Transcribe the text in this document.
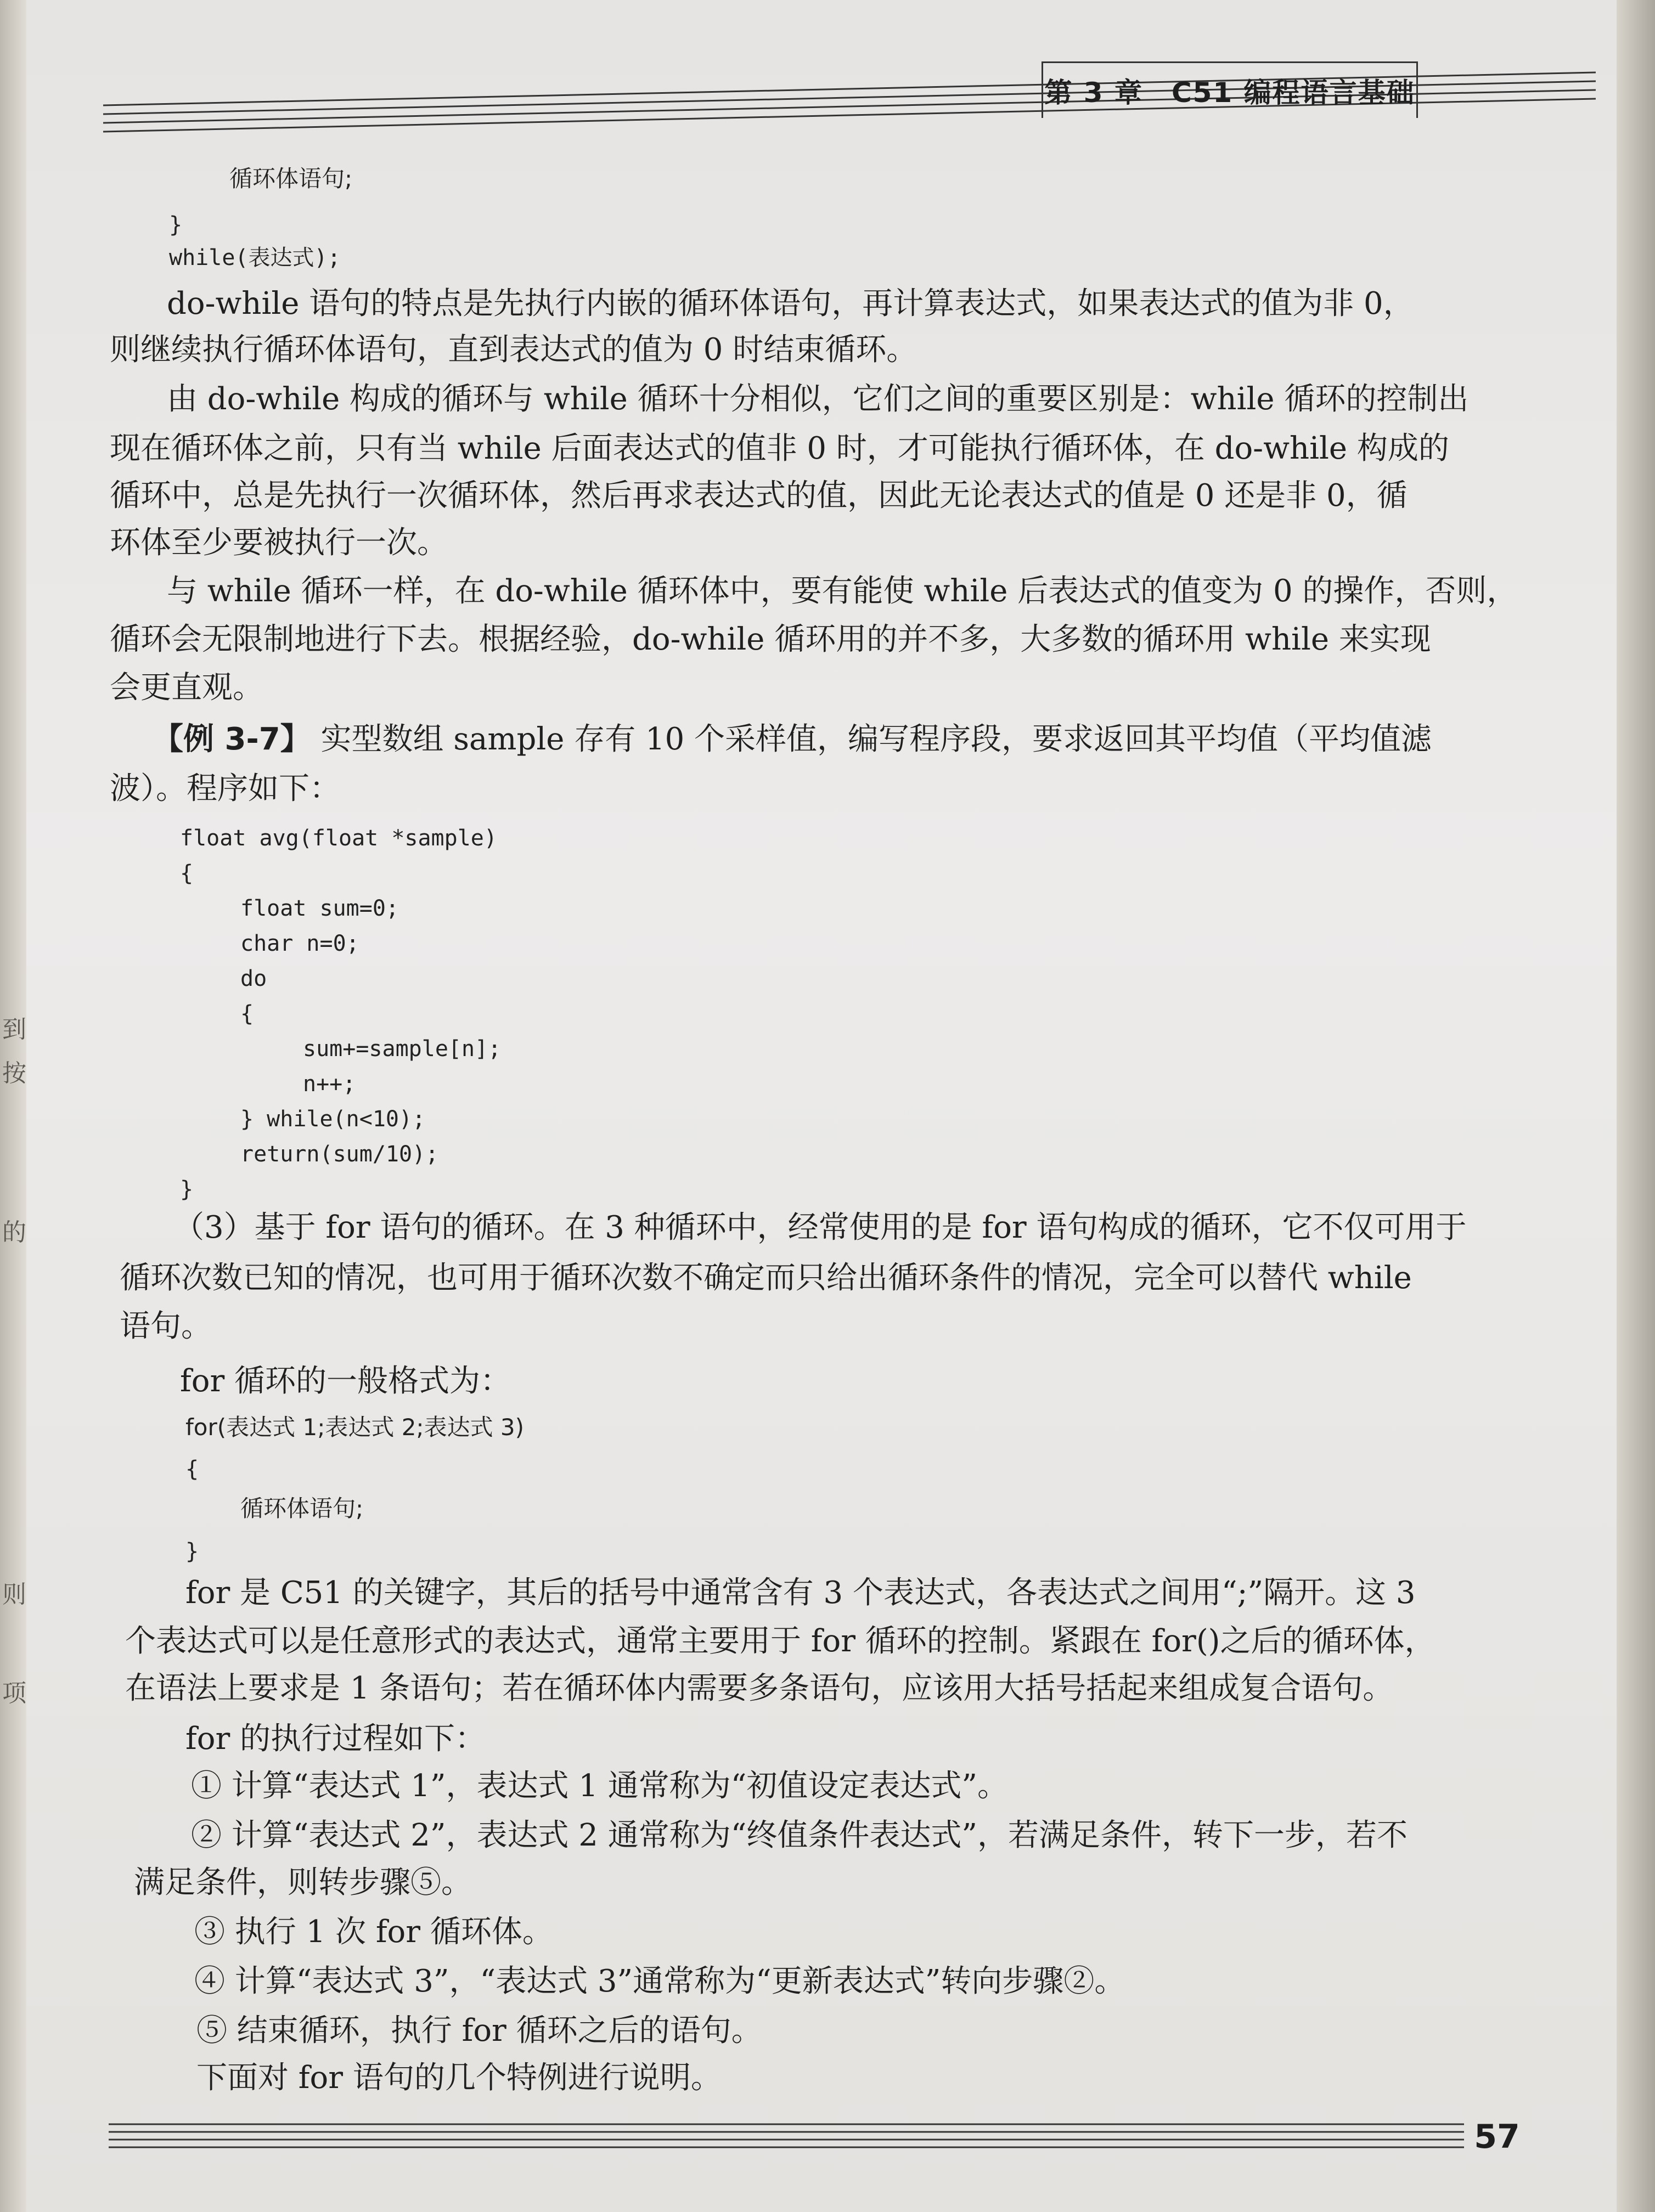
到
按
的
则
项
第 3 章　C51 编程语言基础
循环体语句;
}
while(表达式);
do-while 语句的特点是先执行内嵌的循环体语句，再计算表达式，如果表达式的值为非 0，
则继续执行循环体语句，直到表达式的值为 0 时结束循环。
由 do-while 构成的循环与 while 循环十分相似，它们之间的重要区别是：while 循环的控制出
现在循环体之前，只有当 while 后面表达式的值非 0 时，才可能执行循环体，在 do-while 构成的
循环中，总是先执行一次循环体，然后再求表达式的值，因此无论表达式的值是 0 还是非 0，循
环体至少要被执行一次。
与 while 循环一样，在 do-while 循环体中，要有能使 while 后表达式的值变为 0 的操作，否则，
循环会无限制地进行下去。根据经验，do-while 循环用的并不多，大多数的循环用 while 来实现
会更直观。
【例 3-7】 实型数组 sample 存有 10 个采样值，编写程序段，要求返回其平均值（平均值滤
波）。程序如下：
float avg(float *sample)
{
float sum=0;
char n=0;
do
{
sum+=sample[n];
n++;
} while(n<10);
return(sum/10);
}
（3）基于 for 语句的循环。在 3 种循环中，经常使用的是 for 语句构成的循环，它不仅可用于
循环次数已知的情况，也可用于循环次数不确定而只给出循环条件的情况，完全可以替代 while
语句。
for 循环的一般格式为：
for(表达式 1;表达式 2;表达式 3)
{
循环体语句;
}
for 是 C51 的关键字，其后的括号中通常含有 3 个表达式，各表达式之间用“;”隔开。这 3
个表达式可以是任意形式的表达式，通常主要用于 for 循环的控制。紧跟在 for()之后的循环体，
在语法上要求是 1 条语句；若在循环体内需要多条语句，应该用大括号括起来组成复合语句。
for 的执行过程如下：
① 计算“表达式 1”，表达式 1 通常称为“初值设定表达式”。
② 计算“表达式 2”，表达式 2 通常称为“终值条件表达式”，若满足条件，转下一步，若不
满足条件，则转步骤⑤。
③ 执行 1 次 for 循环体。
④ 计算“表达式 3”，“表达式 3”通常称为“更新表达式”转向步骤②。
⑤ 结束循环，执行 for 循环之后的语句。
下面对 for 语句的几个特例进行说明。
57
